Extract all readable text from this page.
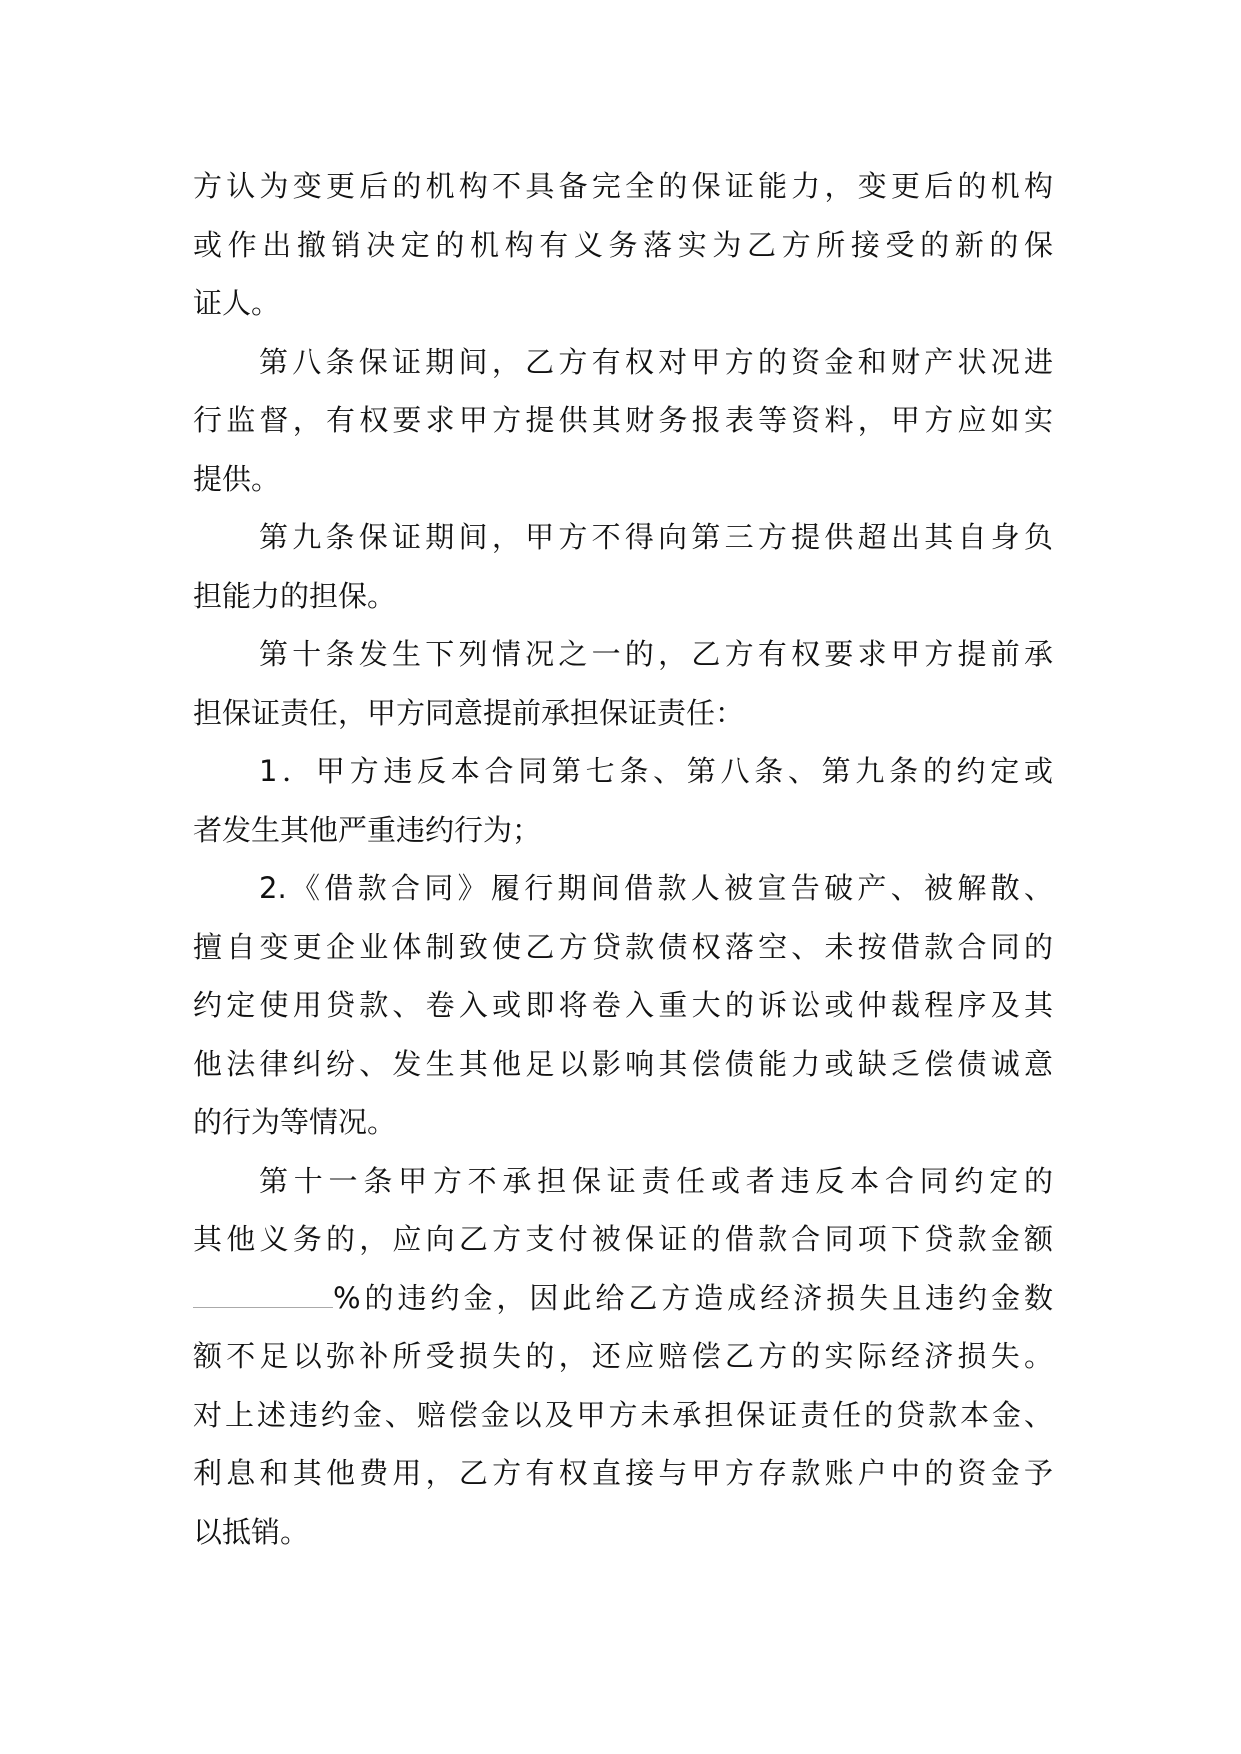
方认为变更后的机构不具备完全的保证能力，变更后的机构
或作出撤销决定的机构有义务落实为乙方所接受的新的保
证人。
第八条保证期间，乙方有权对甲方的资金和财产状况进
行监督，有权要求甲方提供其财务报表等资料，甲方应如实
提供。
第九条保证期间，甲方不得向第三方提供超出其自身负
担能力的担保。
第十条发生下列情况之一的，乙方有权要求甲方提前承
担保证责任，甲方同意提前承担保证责任：
1．甲方违反本合同第七条、第八条、第九条的约定或
者发生其他严重违约行为；
2.《借款合同》履行期间借款人被宣告破产、被解散、
擅自变更企业体制致使乙方贷款债权落空、未按借款合同的
约定使用贷款、卷入或即将卷入重大的诉讼或仲裁程序及其
他法律纠纷、发生其他足以影响其偿债能力或缺乏偿债诚意
的行为等情况。
第十一条甲方不承担保证责任或者违反本合同约定的
其他义务的，应向乙方支付被保证的借款合同项下贷款金额
%的违约金，因此给乙方造成经济损失且违约金数
额不足以弥补所受损失的，还应赔偿乙方的实际经济损失。
对上述违约金、赔偿金以及甲方未承担保证责任的贷款本金、
利息和其他费用，乙方有权直接与甲方存款账户中的资金予
以抵销。
